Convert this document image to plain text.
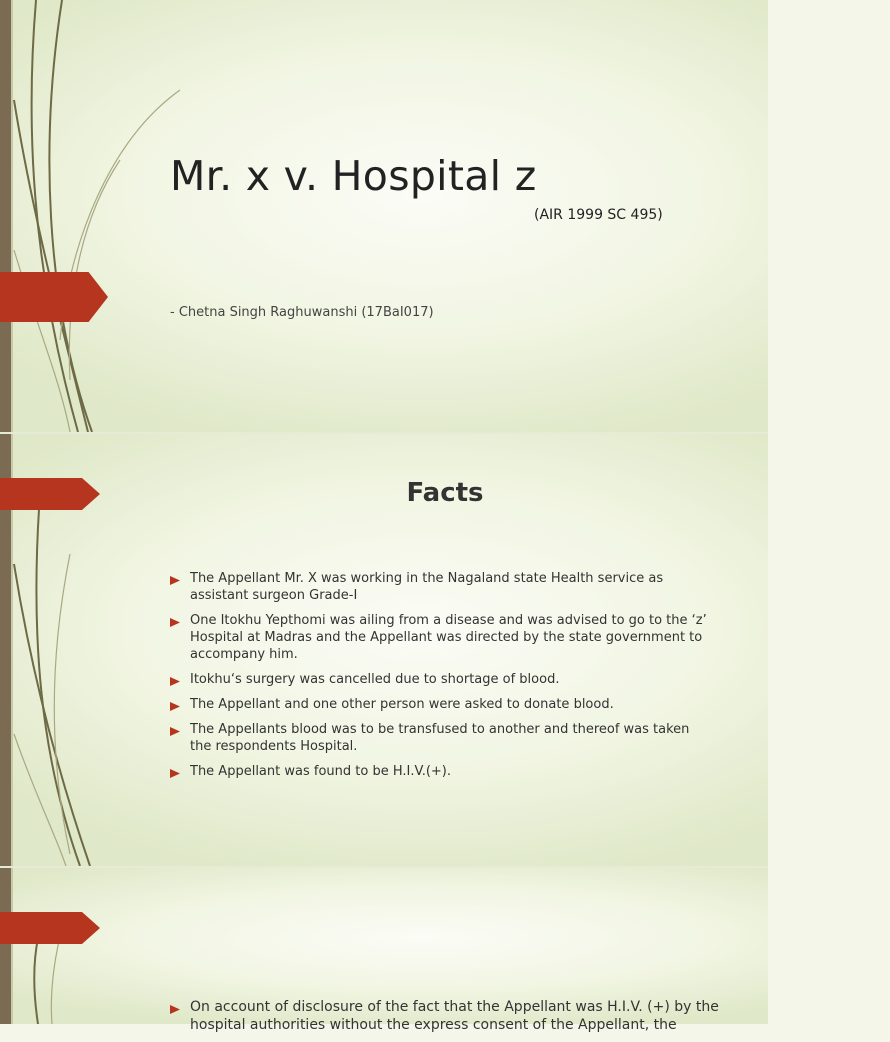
Mr. x v. Hospital z
(AIR 1999 SC 495)
- Chetna Singh Raghuwanshi (17BaI017)
Facts
The Appellant Mr. X was working in the Nagaland state Health service as assistant surgeon Grade-I
One Itokhu Yepthomi was ailing from a disease and was advised to go to the ‘z’ Hospital at Madras and the Appellant was directed by the state government to accompany him.
Itokhu‘s surgery was cancelled due to shortage of blood.
The Appellant and one other person were asked to donate blood.
The Appellants blood was to be transfused to another and thereof was taken the respondents Hospital.
The Appellant was found to be H.I.V.(+).
On account of disclosure of the fact that the Appellant was H.I.V. (+) by the hospital authorities without the express consent of the Appellant, the
